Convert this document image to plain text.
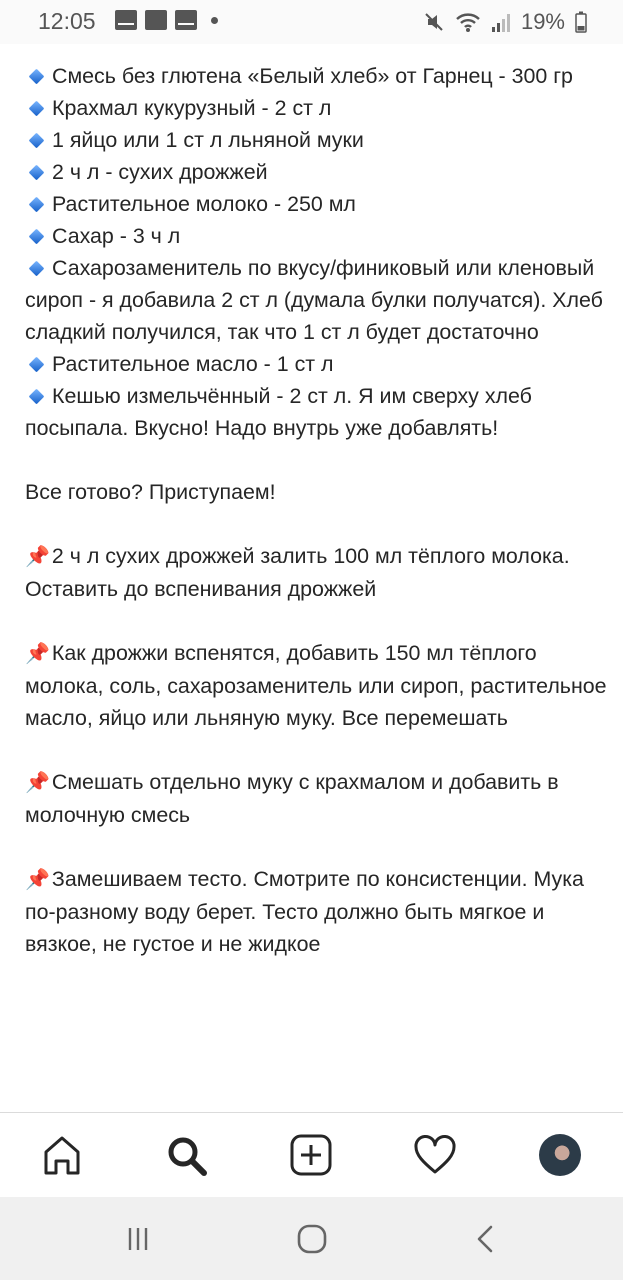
12:05	19%

Смесь без глютена «Белый хлеб» от Гарнец - 300 гр

Крахмал кукурузный - 2 ст л

1 яйцо или 1 ст л льняной муки

2 ч л - сухих дрожжей

Растительное молоко - 250 мл

Сахар - 3 ч л

Сахарозаменитель по вкусу/финиковый или кленовый сироп - я добавила 2 ст л (думала булки получатся). Хлеб сладкий получился, так что 1 ст л будет достаточно

Растительное масло - 1 ст л

Кешью измельчённый - 2 ст л. Я им сверху хлеб посыпала. Вкусно! Надо внутрь уже добавлять!

Все готово? Приступаем!

📌2 ч л сухих дрожжей залить 100 мл тёплого молока. Оставить до вспенивания дрожжей

📌Как дрожжи вспенятся, добавить 150 мл тёплого молока, соль, сахарозаменитель или сироп, растительное масло, яйцо или льняную муку. Все перемешать

📌Смешать отдельно муку с крахмалом и добавить в молочную смесь

📌Замешиваем тесто. Смотрите по консистенции. Мука по-разному воду берет. Тесто должно быть мягкое и вязкое, не густое и не жидкое
